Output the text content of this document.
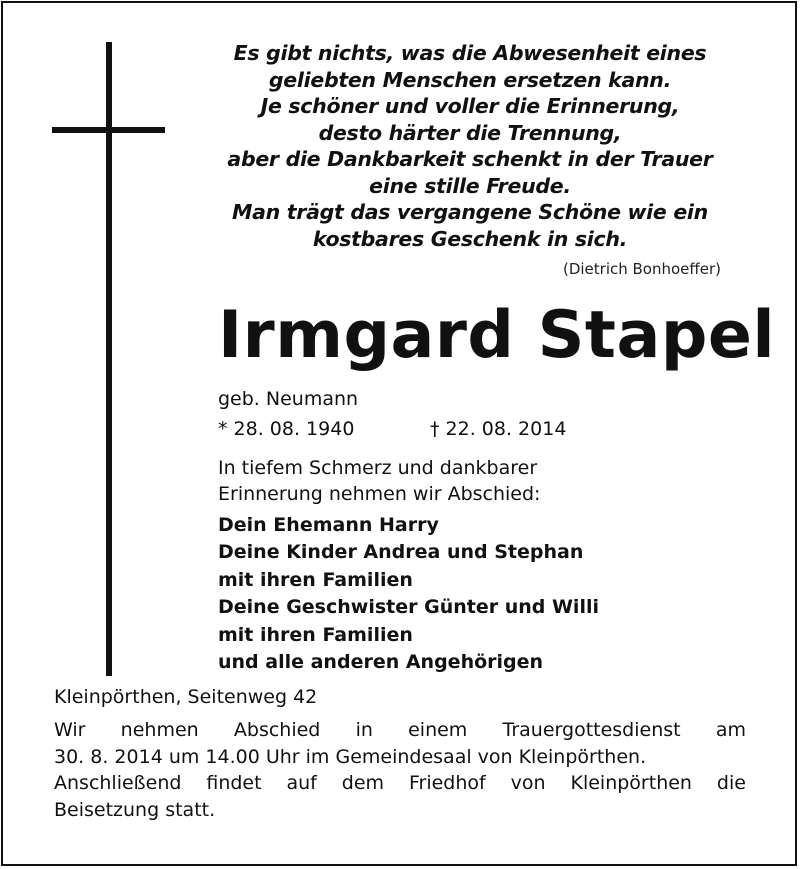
Es gibt nichts, was die Abwesenheit eines
geliebten Menschen ersetzen kann.
Je schöner und voller die Erinnerung,
desto härter die Trennung,
aber die Dankbarkeit schenkt in der Trauer
eine stille Freude.
Man trägt das vergangene Schöne wie ein
kostbares Geschenk in sich.
(Dietrich Bonhoeffer)
Irmgard Stapel
geb. Neumann
* 28. 08. 1940	† 22. 08. 2014
In tiefem Schmerz und dankbarer
Erinnerung nehmen wir Abschied:
Dein Ehemann Harry
Deine Kinder Andrea und Stephan
mit ihren Familien
Deine Geschwister Günter und Willi
mit ihren Familien
und alle anderen Angehörigen
Kleinpörthen, Seitenweg 42
Wir nehmen Abschied in einem Trauergottesdienst am
30. 8. 2014 um 14.00 Uhr im Gemeindesaal von Kleinpörthen.
Anschließend findet auf dem Friedhof von Kleinpörthen die
Beisetzung statt.
